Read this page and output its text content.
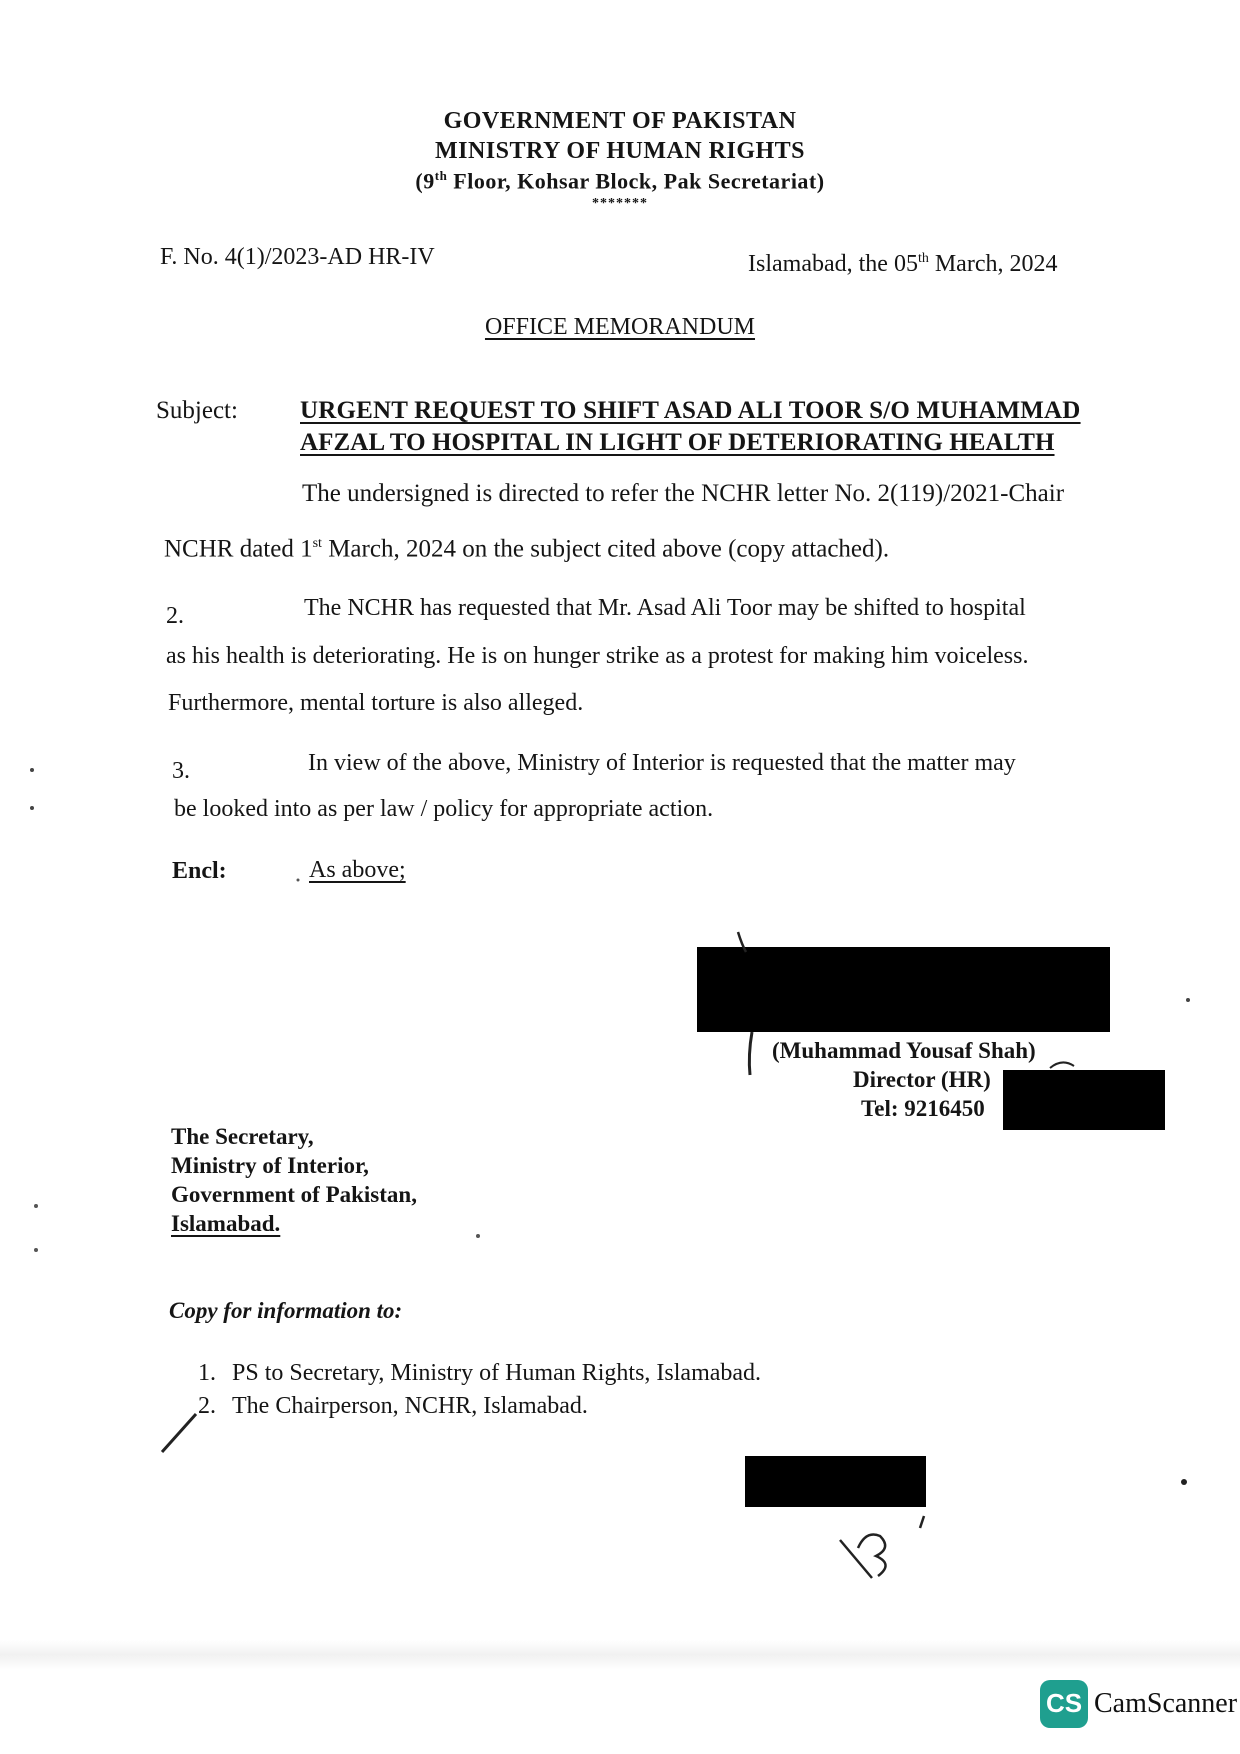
GOVERNMENT OF PAKISTAN
MINISTRY OF HUMAN RIGHTS
(9th Floor, Kohsar Block, Pak Secretariat)
*******
F. No. 4(1)/2023-AD HR-IV	Islamabad, the 05th March, 2024
OFFICE MEMORANDUM
Subject: URGENT REQUEST TO SHIFT ASAD ALI TOOR S/O MUHAMMAD
AFZAL TO HOSPITAL IN LIGHT OF DETERIORATING HEALTH
The undersigned is directed to refer the NCHR letter No. 2(119)/2021-Chair
NCHR dated 1st March, 2024 on the subject cited above (copy attached).
2.	The NCHR has requested that Mr. Asad Ali Toor may be shifted to hospital
as his health is deteriorating. He is on hunger strike as a protest for making him voiceless.
Furthermore, mental torture is also alleged.
3.	In view of the above, Ministry of Interior is requested that the matter may
be looked into as per law / policy for appropriate action.
Encl:	As above;
(Muhammad Yousaf Shah)
Director (HR)
Tel: 9216450
The Secretary,
Ministry of Interior,
Government of Pakistan,
Islamabad.
Copy for information to:
1. PS to Secretary, Ministry of Human Rights, Islamabad.
2. The Chairperson, NCHR, Islamabad.
CS CamScanner
